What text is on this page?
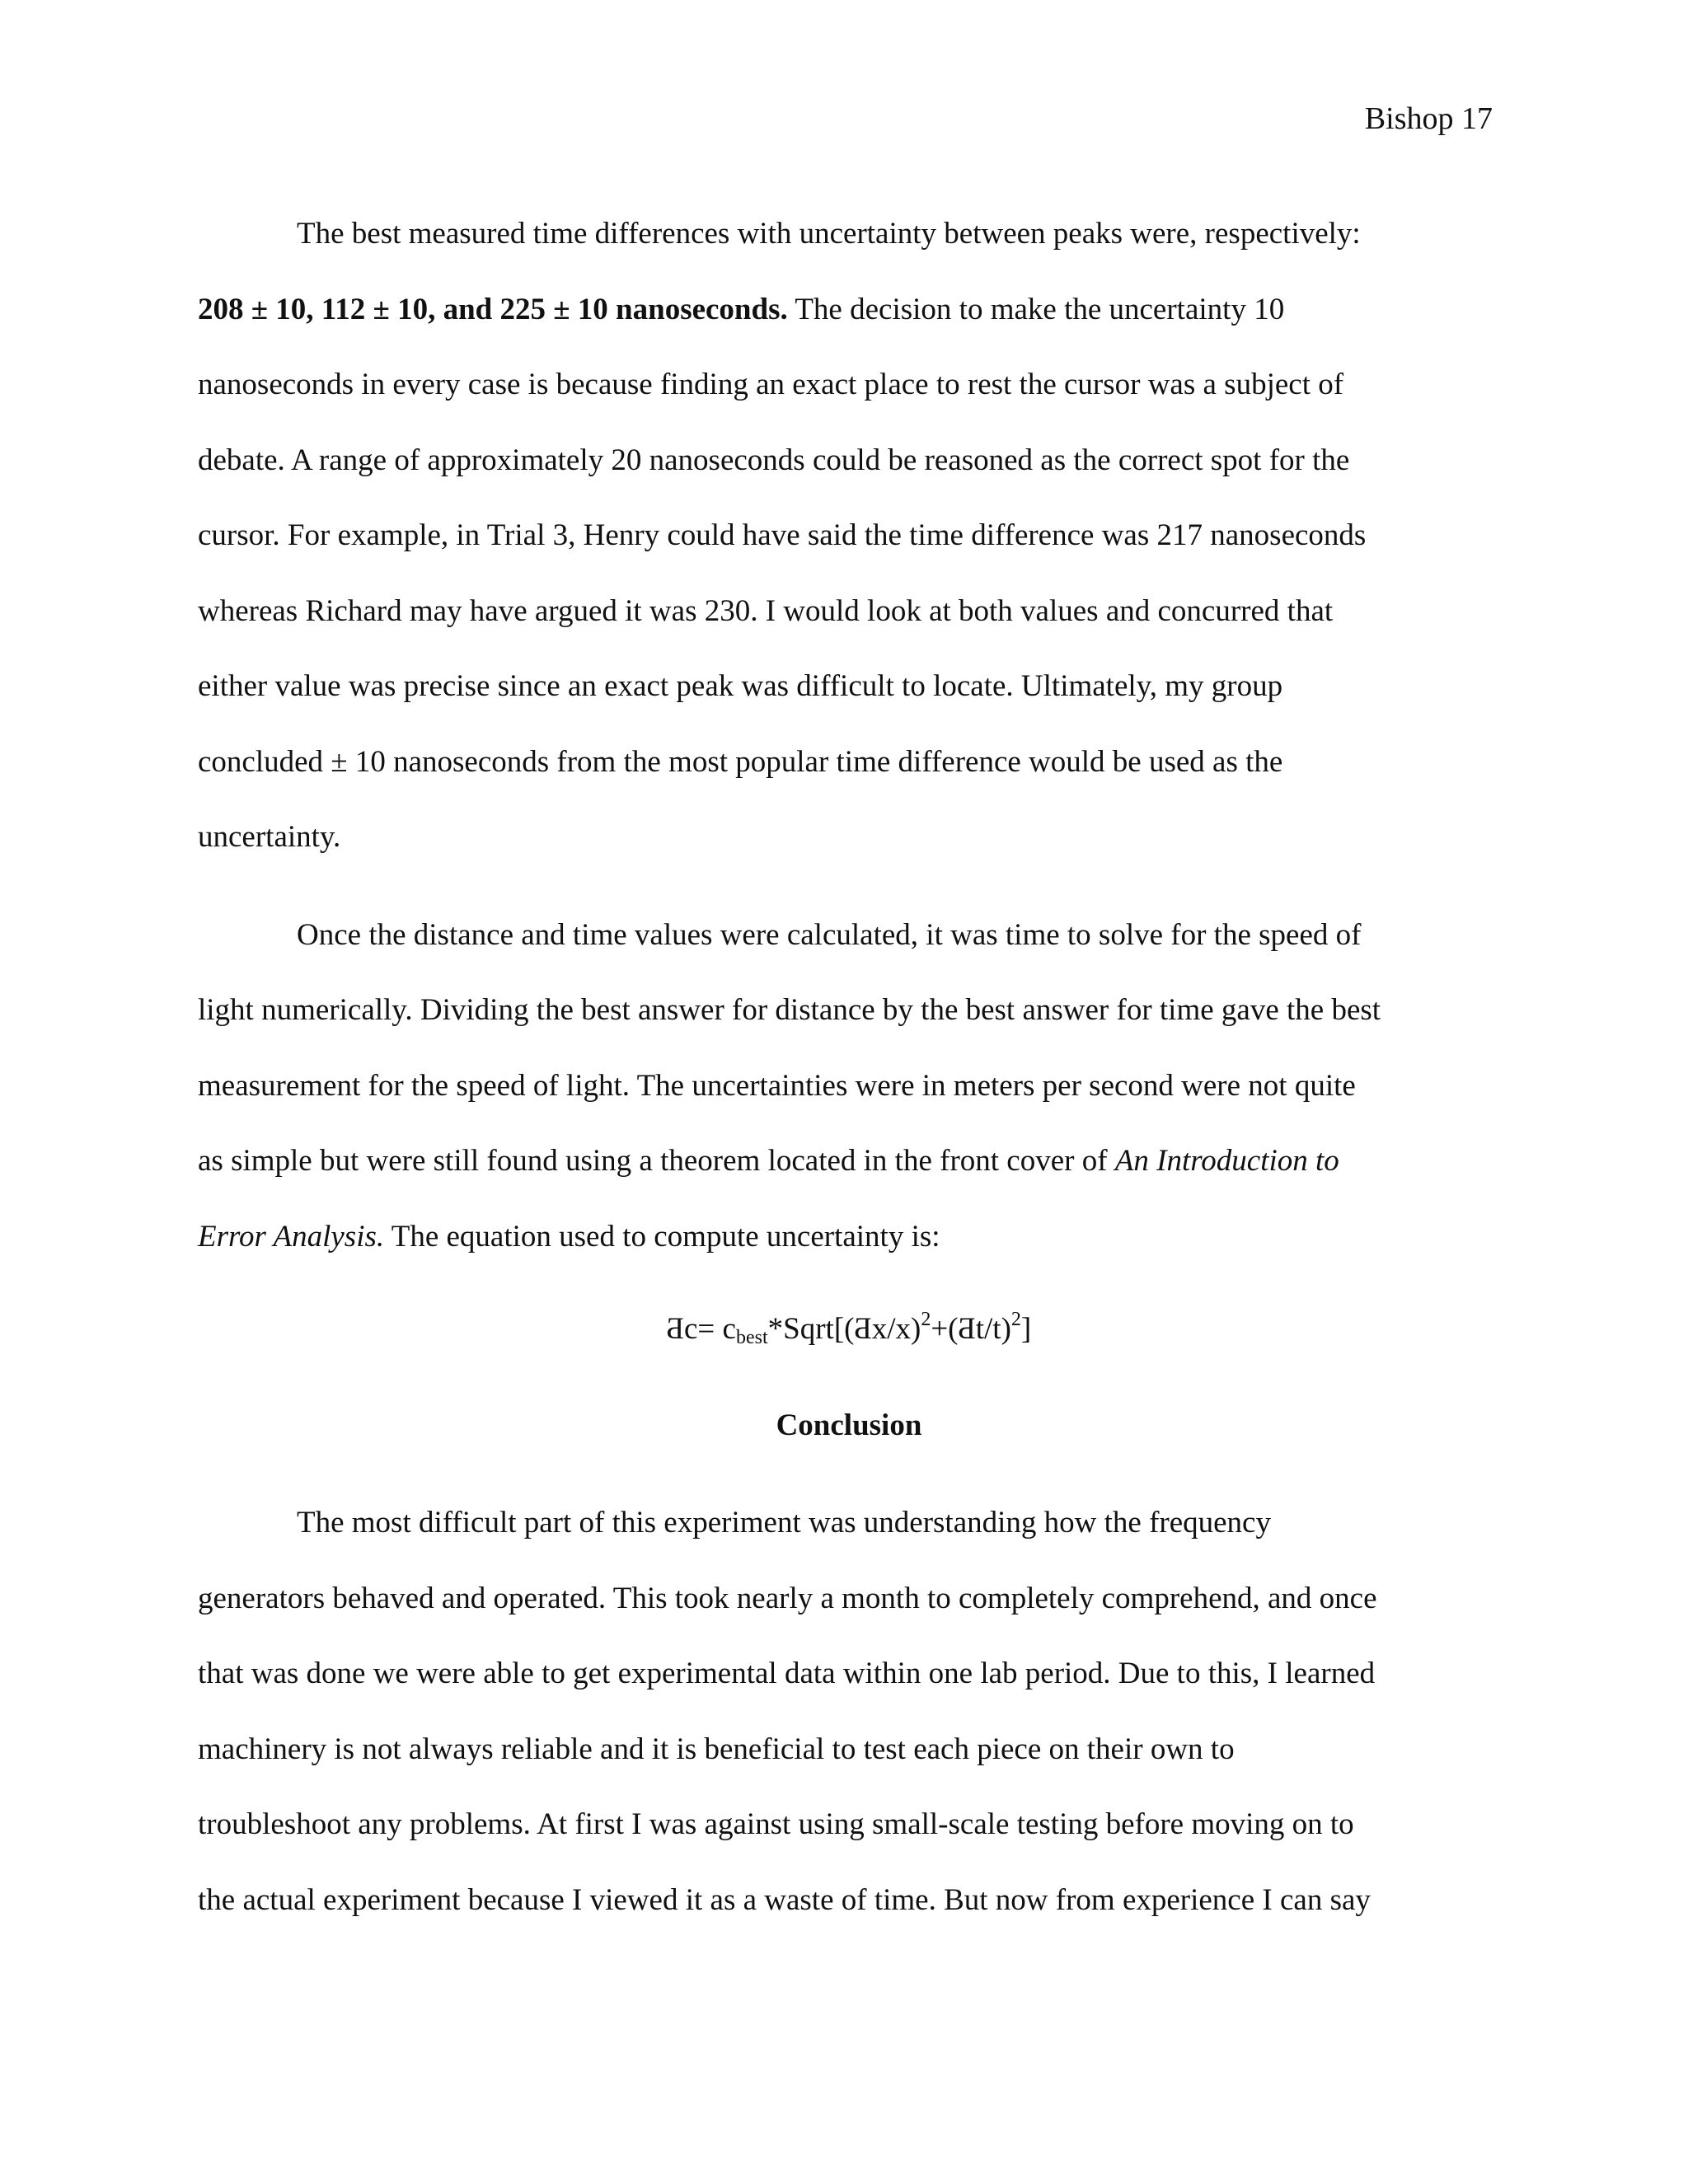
Bishop 17

The best measured time differences with uncertainty between peaks were, respectively:
208 ± 10, 112 ± 10, and 225 ± 10 nanoseconds. The decision to make the uncertainty 10
nanoseconds in every case is because finding an exact place to rest the cursor was a subject of
debate. A range of approximately 20 nanoseconds could be reasoned as the correct spot for the
cursor. For example, in Trial 3, Henry could have said the time difference was 217 nanoseconds
whereas Richard may have argued it was 230. I would look at both values and concurred that
either value was precise since an exact peak was difficult to locate. Ultimately, my group
concluded ± 10 nanoseconds from the most popular time difference would be used as the
uncertainty.

Once the distance and time values were calculated, it was time to solve for the speed of
light numerically. Dividing the best answer for distance by the best answer for time gave the best
measurement for the speed of light. The uncertainties were in meters per second were not quite
as simple but were still found using a theorem located in the front cover of An Introduction to
Error Analysis. The equation used to compute uncertainty is:

Ƌc= $c_{best}*Sqrt[(Ƌx/x)^2+(Ƌt/t)^2]$
Conclusion

The most difficult part of this experiment was understanding how the frequency
generators behaved and operated. This took nearly a month to completely comprehend, and once
that was done we were able to get experimental data within one lab period. Due to this, I learned
machinery is not always reliable and it is beneficial to test each piece on their own to
troubleshoot any problems. At first I was against using small-scale testing before moving on to
the actual experiment because I viewed it as a waste of time. But now from experience I can say
